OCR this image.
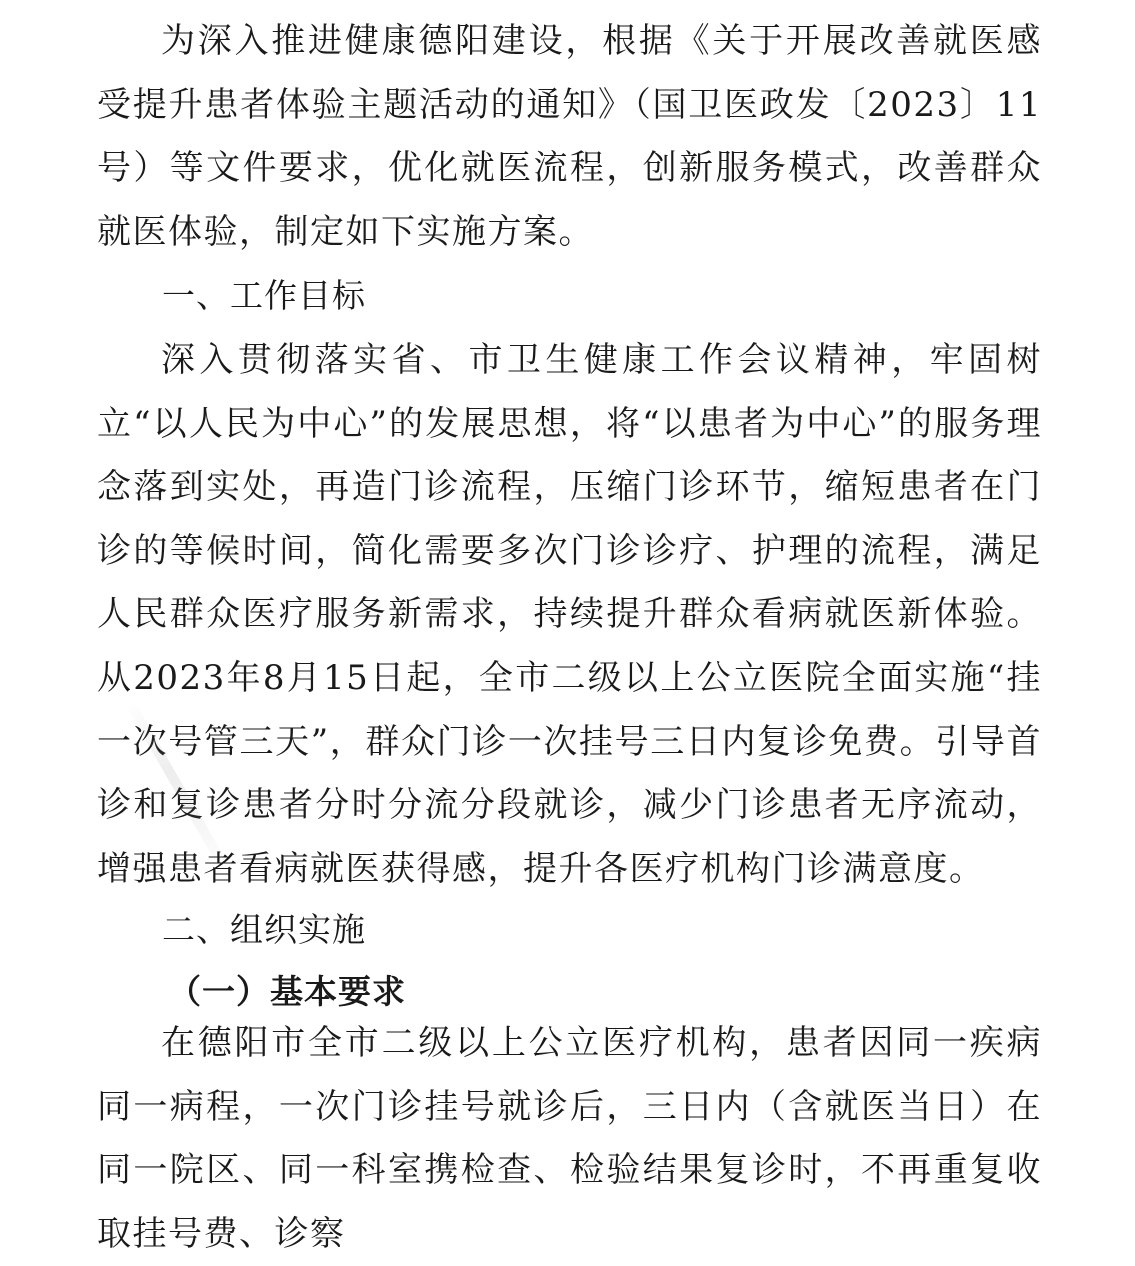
为深入推进健康德阳建设，根据《关于开展改善就医感受提升患者体验主题活动的通知》（国卫医政发〔2023〕11号）等文件要求，优化就医流程，创新服务模式，改善群众就医体验，制定如下实施方案。

一、工作目标

深入贯彻落实省、市卫生健康工作会议精神，牢固树立“以人民为中心”的发展思想，将“以患者为中心”的服务理念落到实处，再造门诊流程，压缩门诊环节，缩短患者在门诊的等候时间，简化需要多次门诊诊疗、护理的流程，满足人民群众医疗服务新需求，持续提升群众看病就医新体验。从2023年8月15日起，全市二级以上公立医院全面实施“挂一次号管三天”，群众门诊一次挂号三日内复诊免费。引导首诊和复诊患者分时分流分段就诊，减少门诊患者无序流动，增强患者看病就医获得感，提升各医疗机构门诊满意度。

二、组织实施
（一）基本要求

在德阳市全市二级以上公立医疗机构，患者因同一疾病同一病程，一次门诊挂号就诊后，三日内（含就医当日）在同一院区、同一科室携检查、检验结果复诊时，不再重复收取挂号费、诊察
